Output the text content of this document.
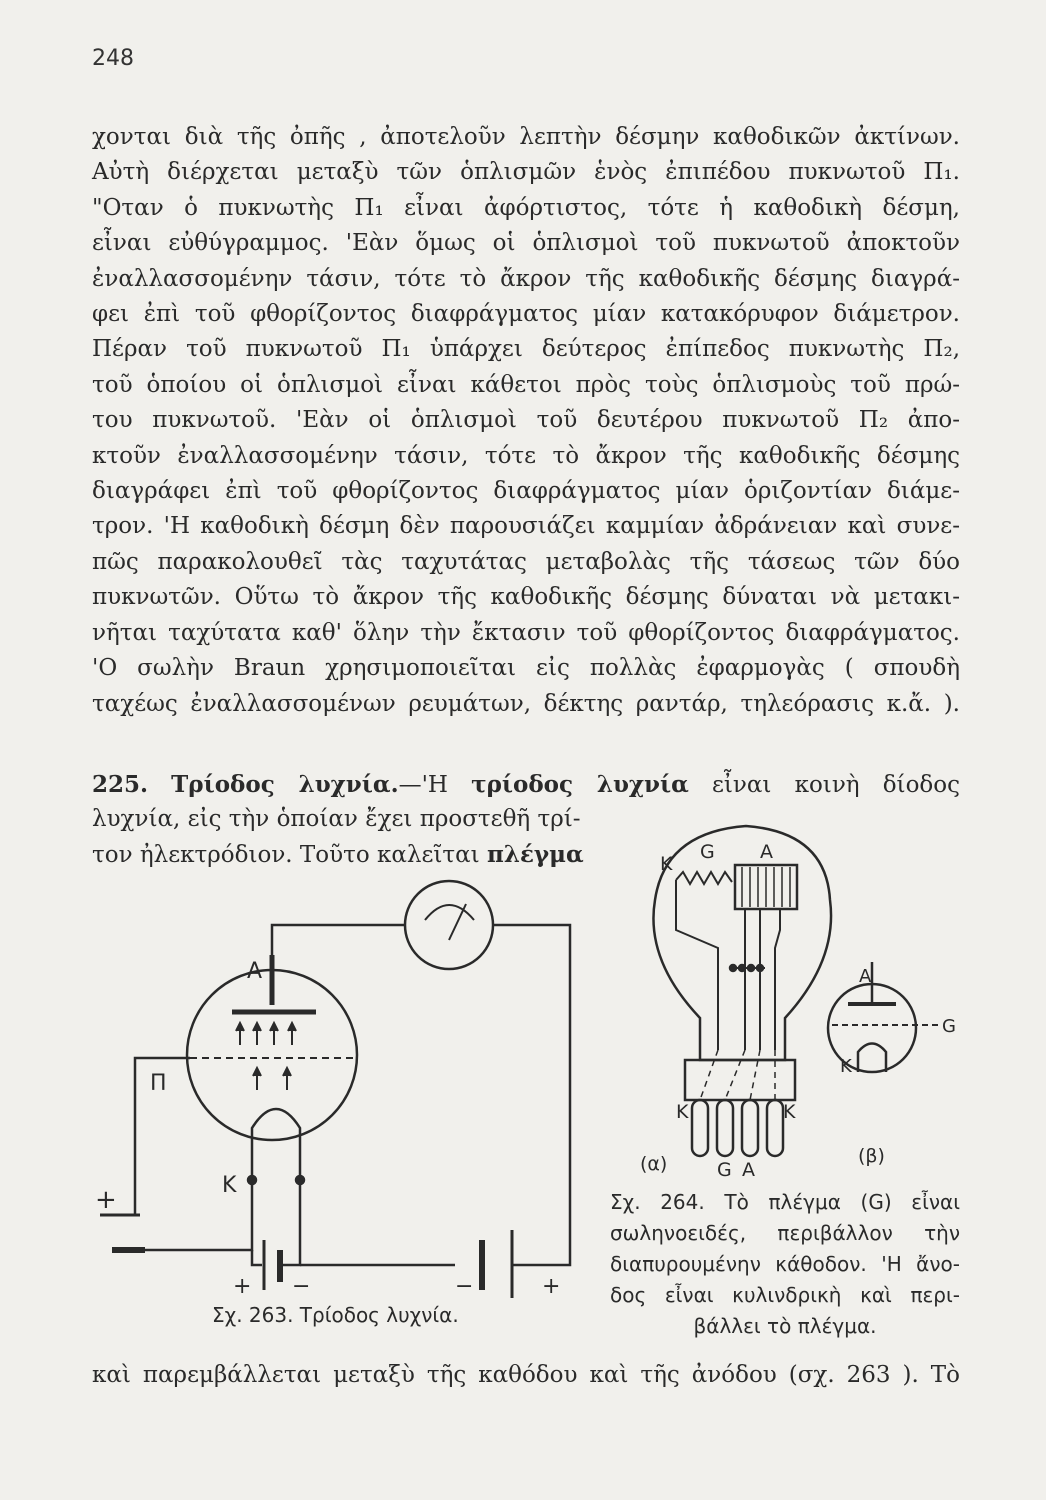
248
χονται διὰ τῆς ὀπῆς , ἀποτελοῦν λεπτὴν δέσμην καθοδικῶν ἀκτίνων.
Αὐτὴ διέρχεται μεταξὺ τῶν ὁπλισμῶν ἑνὸς ἐπιπέδου πυκνωτοῦ Π₁.
"Οταν ὁ πυκνωτὴς Π₁ εἶναι ἀφόρτιστος, τότε ἡ καθοδικὴ δέσμη,
εἶναι εὐθύγραμμος. 'Εὰν ὅμως οἱ ὁπλισμοὶ τοῦ πυκνωτοῦ ἀποκτοῦν
ἐναλλασσομένην τάσιν, τότε τὸ ἄκρον τῆς καθοδικῆς δέσμης διαγρά-
φει ἐπὶ τοῦ φθορίζοντος διαφράγματος μίαν κατακόρυφον διάμετρον.
Πέραν τοῦ πυκνωτοῦ Π₁ ὑπάρχει δεύτερος ἐπίπεδος πυκνωτὴς Π₂,
τοῦ ὁποίου οἱ ὁπλισμοὶ εἶναι κάθετοι πρὸς τοὺς ὁπλισμοὺς τοῦ πρώ-
του πυκνωτοῦ. 'Εὰν οἱ ὁπλισμοὶ τοῦ δευτέρου πυκνωτοῦ Π₂ ἀπο-
κτοῦν ἐναλλασσομένην τάσιν, τότε τὸ ἄκρον τῆς καθοδικῆς δέσμης
διαγράφει ἐπὶ τοῦ φθορίζοντος διαφράγματος μίαν ὁριζοντίαν διάμε-
τρον. 'Η καθοδικὴ δέσμη δὲν παρουσιάζει καμμίαν ἀδράνειαν καὶ συνε-
πῶς παρακολουθεῖ τὰς ταχυτάτας μεταβολὰς τῆς τάσεως τῶν δύο
πυκνωτῶν. Οὕτω τὸ ἄκρον τῆς καθοδικῆς δέσμης δύναται νὰ μετακι-
νῆται ταχύτατα καθ' ὅλην τὴν ἔκτασιν τοῦ φθορίζοντος διαφράγματος.
'Ο σωλὴν Braun χρησιμοποιεῖται εἰς πολλὰς ἐφαρμογὰς ( σπουδὴ
ταχέως ἐναλλασσομένων ρευμάτων, δέκτης ραντάρ, τηλεόρασις κ.ἄ. ).
225. Τρίοδος λυχνία.—'Η τρίοδος λυχνία εἶναι κοινὴ δίοδος
λυχνία, εἰς τὴν ὁποίαν ἔχει προστεθῆ τρί-
τον ἠλεκτρόδιον. Τοῦτο καλεῖται πλέγμα
A
Π
K
+
+ −	−	+
K
G A
K	K
G A
(α)	(β)
A
G
K
Σχ. 263. Τρίοδος λυχνία.
Σχ. 264. Τὸ πλέγμα (G) εἶναι
σωληνοειδές, περιβάλλον τὴν
διαπυρουμένην κάθοδον. 'Η ἄνο-
δος εἶναι κυλινδρικὴ καὶ περι-
βάλλει τὸ πλέγμα.
καὶ παρεμβάλλεται μεταξὺ τῆς καθόδου καὶ τῆς ἀνόδου (σχ. 263 ). Τὸ
